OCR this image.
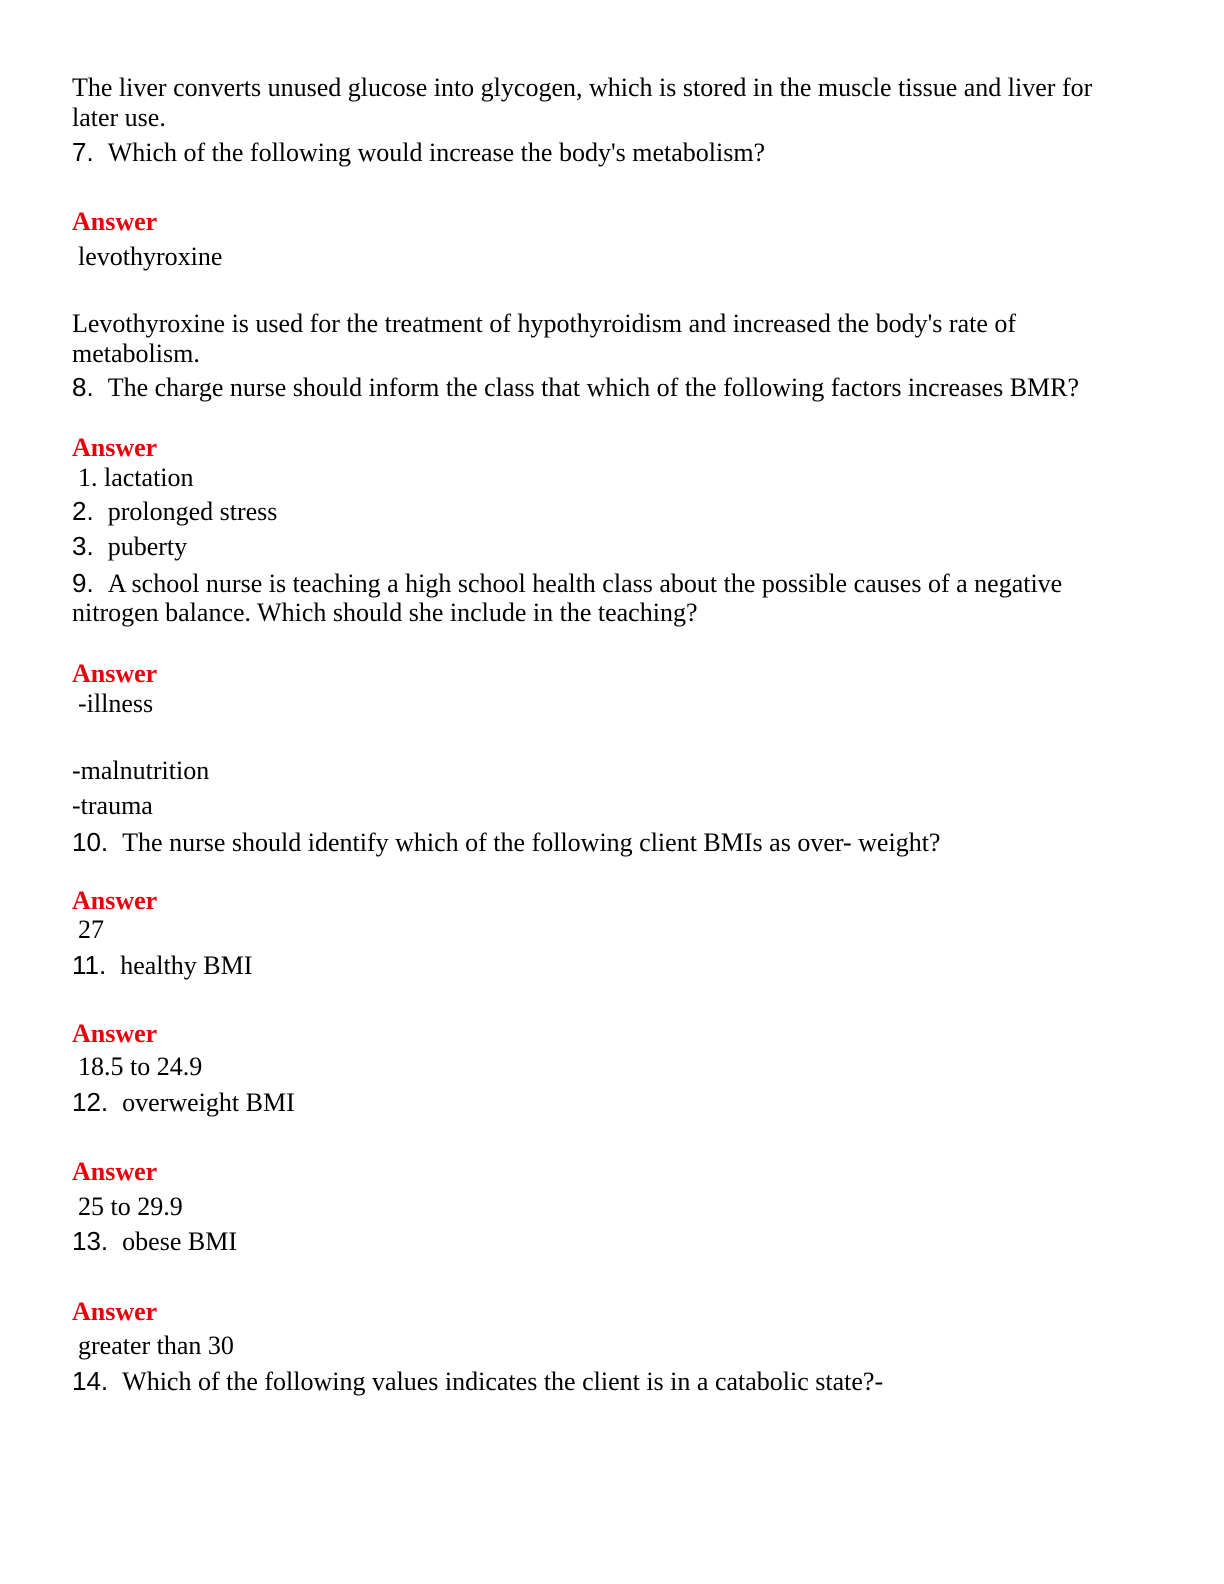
The liver converts unused glucose into glycogen, which is stored in the muscle tissue and liver for
later use.
7. Which of the following would increase the body's metabolism?
Answer
levothyroxine
Levothyroxine is used for the treatment of hypothyroidism and increased the body's rate of
metabolism.
8. The charge nurse should inform the class that which of the following factors increases BMR?
Answer
1. lactation
2. prolonged stress
3. puberty
9. A school nurse is teaching a high school health class about the possible causes of a negative
nitrogen balance. Which should she include in the teaching?
Answer
-illness
-malnutrition
-trauma
10. The nurse should identify which of the following client BMIs as over- weight?
Answer
27
11. healthy BMI
Answer
18.5 to 24.9
12. overweight BMI
Answer
25 to 29.9
13. obese BMI
Answer
greater than 30
14. Which of the following values indicates the client is in a catabolic state?-
